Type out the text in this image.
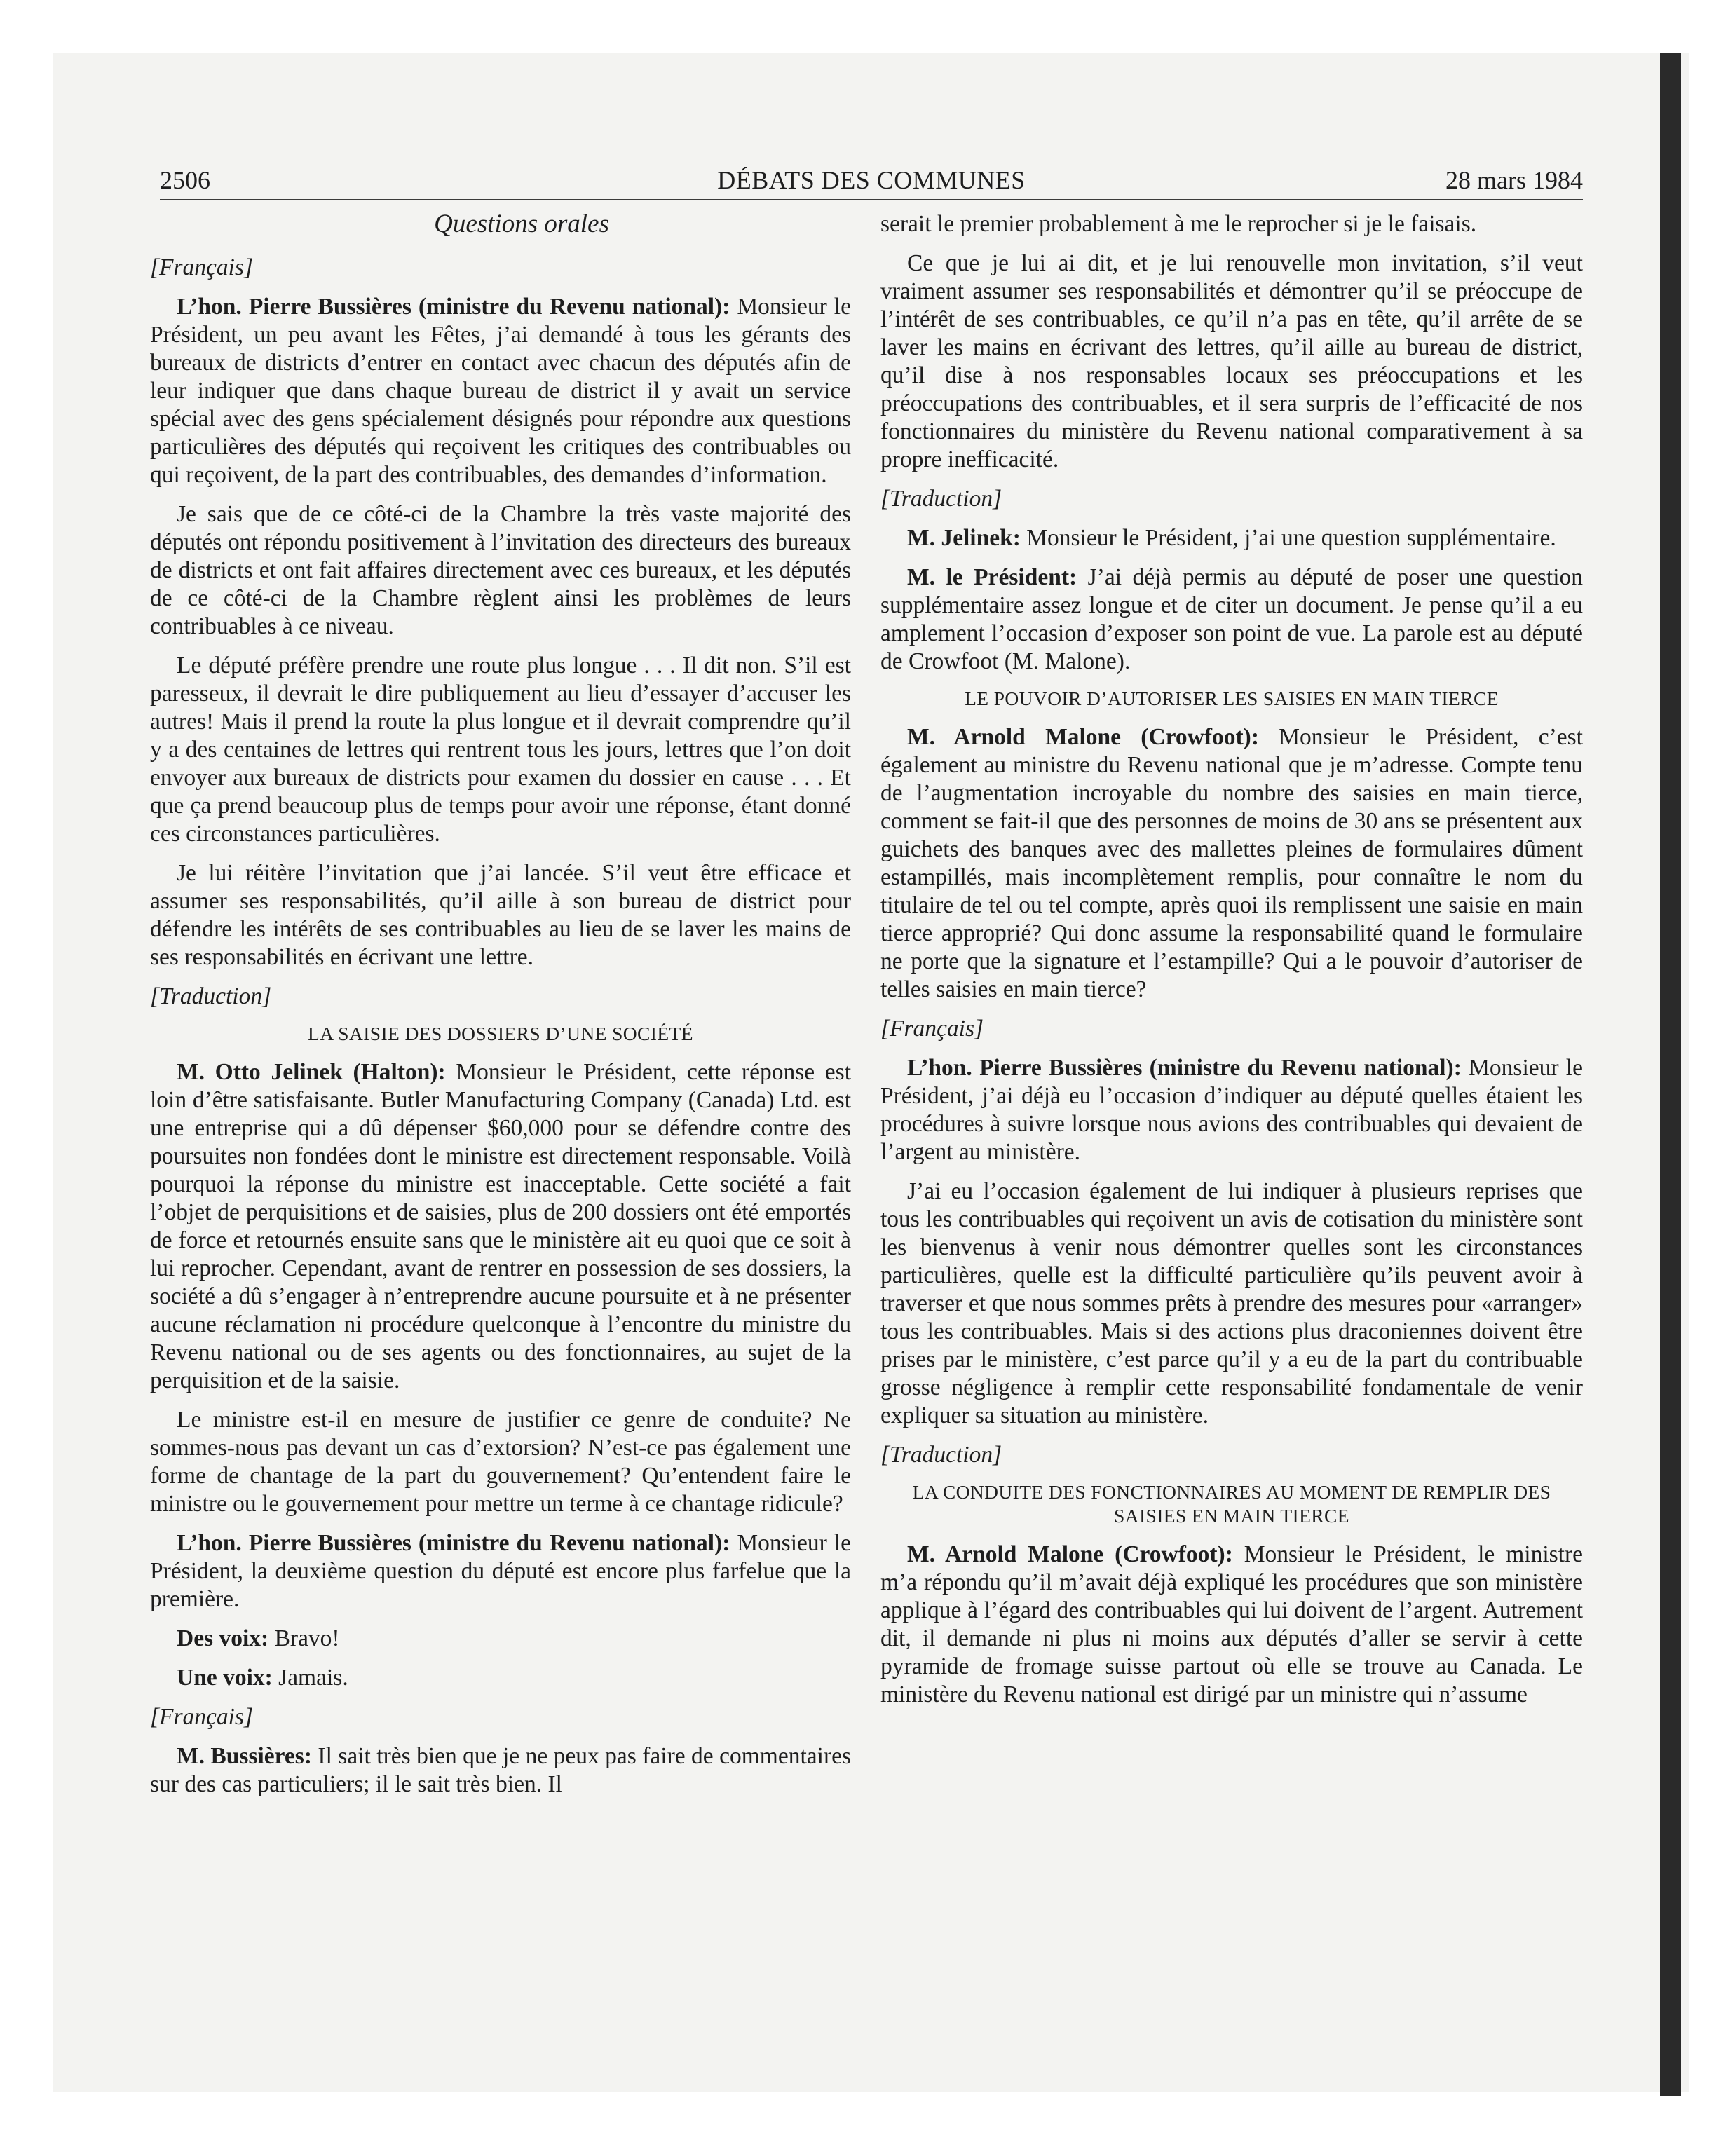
2506	DÉBATS DES COMMUNES	28 mars 1984
Questions orales
[Français]

L’hon. Pierre Bussières (ministre du Revenu national): Monsieur le Président, un peu avant les Fêtes, j’ai demandé à tous les gérants des bureaux de districts d’entrer en contact avec chacun des députés afin de leur indiquer que dans chaque bureau de district il y avait un service spécial avec des gens spécialement désignés pour répondre aux questions particulières des députés qui reçoivent les critiques des contribuables ou qui reçoivent, de la part des contribuables, des demandes d’information.

Je sais que de ce côté-ci de la Chambre la très vaste majorité des députés ont répondu positivement à l’invitation des directeurs des bureaux de districts et ont fait affaires directement avec ces bureaux, et les députés de ce côté-ci de la Chambre règlent ainsi les problèmes de leurs contribuables à ce niveau.

Le député préfère prendre une route plus longue . . . Il dit non. S’il est paresseux, il devrait le dire publiquement au lieu d’essayer d’accuser les autres! Mais il prend la route la plus longue et il devrait comprendre qu’il y a des centaines de lettres qui rentrent tous les jours, lettres que l’on doit envoyer aux bureaux de districts pour examen du dossier en cause . . . Et que ça prend beaucoup plus de temps pour avoir une réponse, étant donné ces circonstances particulières.

Je lui réitère l’invitation que j’ai lancée. S’il veut être efficace et assumer ses responsabilités, qu’il aille à son bureau de district pour défendre les intérêts de ses contribuables au lieu de se laver les mains de ses responsabilités en écrivant une lettre.

[Traduction]
LA SAISIE DES DOSSIERS D’UNE SOCIÉTÉ

M. Otto Jelinek (Halton): Monsieur le Président, cette réponse est loin d’être satisfaisante. Butler Manufacturing Company (Canada) Ltd. est une entreprise qui a dû dépenser $60,000 pour se défendre contre des poursuites non fondées dont le ministre est directement responsable. Voilà pourquoi la réponse du ministre est inacceptable. Cette société a fait l’objet de perquisitions et de saisies, plus de 200 dossiers ont été emportés de force et retournés ensuite sans que le ministère ait eu quoi que ce soit à lui reprocher. Cependant, avant de rentrer en possession de ses dossiers, la société a dû s’engager à n’entreprendre aucune poursuite et à ne présenter aucune réclamation ni procédure quelconque à l’encontre du ministre du Revenu national ou de ses agents ou des fonctionnaires, au sujet de la perquisition et de la saisie.

Le ministre est-il en mesure de justifier ce genre de conduite? Ne sommes-nous pas devant un cas d’extorsion? N’est-ce pas également une forme de chantage de la part du gouvernement? Qu’entendent faire le ministre ou le gouvernement pour mettre un terme à ce chantage ridicule?

L’hon. Pierre Bussières (ministre du Revenu national): Monsieur le Président, la deuxième question du député est encore plus farfelue que la première.

Des voix: Bravo!

Une voix: Jamais.

[Français]

M. Bussières: Il sait très bien que je ne peux pas faire de commentaires sur des cas particuliers; il le sait très bien. Il

serait le premier probablement à me le reprocher si je le faisais.

Ce que je lui ai dit, et je lui renouvelle mon invitation, s’il veut vraiment assumer ses responsabilités et démontrer qu’il se préoccupe de l’intérêt de ses contribuables, ce qu’il n’a pas en tête, qu’il arrête de se laver les mains en écrivant des lettres, qu’il aille au bureau de district, qu’il dise à nos responsables locaux ses préoccupations et les préoccupations des contribuables, et il sera surpris de l’efficacité de nos fonctionnaires du ministère du Revenu national comparativement à sa propre inefficacité.

[Traduction]

M. Jelinek: Monsieur le Président, j’ai une question supplémentaire.

M. le Président: J’ai déjà permis au député de poser une question supplémentaire assez longue et de citer un document. Je pense qu’il a eu amplement l’occasion d’exposer son point de vue. La parole est au député de Crowfoot (M. Malone).

LE POUVOIR D’AUTORISER LES SAISIES EN MAIN TIERCE

M. Arnold Malone (Crowfoot): Monsieur le Président, c’est également au ministre du Revenu national que je m’adresse. Compte tenu de l’augmentation incroyable du nombre des saisies en main tierce, comment se fait-il que des personnes de moins de 30 ans se présentent aux guichets des banques avec des mallettes pleines de formulaires dûment estampillés, mais incomplètement remplis, pour connaître le nom du titulaire de tel ou tel compte, après quoi ils remplissent une saisie en main tierce approprié? Qui donc assume la responsabilité quand le formulaire ne porte que la signature et l’estampille? Qui a le pouvoir d’autoriser de telles saisies en main tierce?

[Français]

L’hon. Pierre Bussières (ministre du Revenu national): Monsieur le Président, j’ai déjà eu l’occasion d’indiquer au député quelles étaient les procédures à suivre lorsque nous avions des contribuables qui devaient de l’argent au ministère.

J’ai eu l’occasion également de lui indiquer à plusieurs reprises que tous les contribuables qui reçoivent un avis de cotisation du ministère sont les bienvenus à venir nous démontrer quelles sont les circonstances particulières, quelle est la difficulté particulière qu’ils peuvent avoir à traverser et que nous sommes prêts à prendre des mesures pour «arranger» tous les contribuables. Mais si des actions plus draconiennes doivent être prises par le ministère, c’est parce qu’il y a eu de la part du contribuable grosse négligence à remplir cette responsabilité fondamentale de venir expliquer sa situation au ministère.

[Traduction]
LA CONDUITE DES FONCTIONNAIRES AU MOMENT DE REMPLIR DES SAISIES EN MAIN TIERCE

M. Arnold Malone (Crowfoot): Monsieur le Président, le ministre m’a répondu qu’il m’avait déjà expliqué les procédures que son ministère applique à l’égard des contribuables qui lui doivent de l’argent. Autrement dit, il demande ni plus ni moins aux députés d’aller se servir à cette pyramide de fromage suisse partout où elle se trouve au Canada. Le ministère du Revenu national est dirigé par un ministre qui n’assume
